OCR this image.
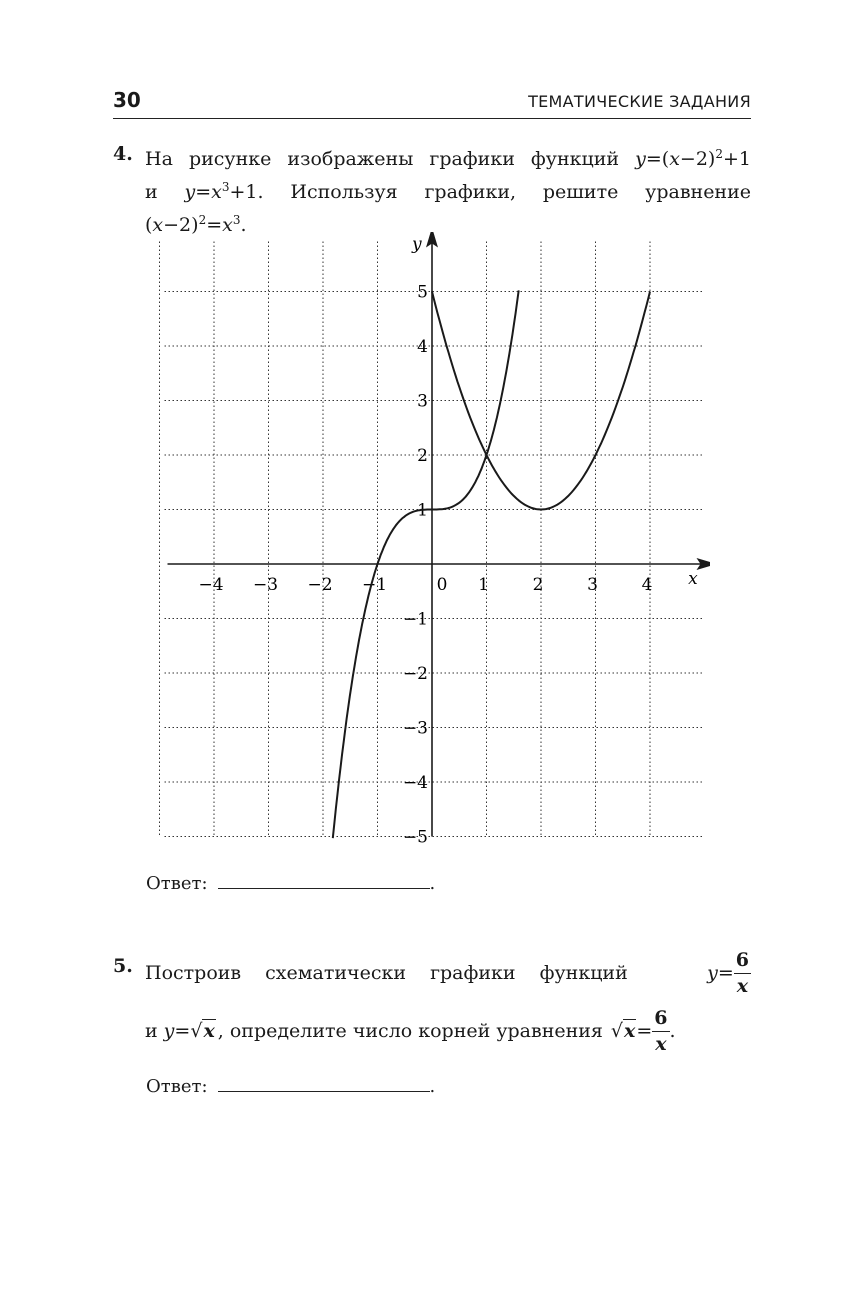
30	ТЕМАТИЧЕСКИЕ ЗАДАНИЯ
4. На рисунке изображены графики функций $y=(x-2)^2+1$
и $y=x^3+1$. Используя графики, решите уравнение
$(x-2)^2=x^3$.
−4 −3 −2 −1	0 1	2	3	4
5
4
3
2
1
−1
−2
−3
−4
−5
x
y
Ответ:	.
5. Построив схематически графики функций	$y = \frac{6}{x}$
и y = √x , определите число корней уравнения $√x = \frac{6}{x}$ .
Ответ:	.
